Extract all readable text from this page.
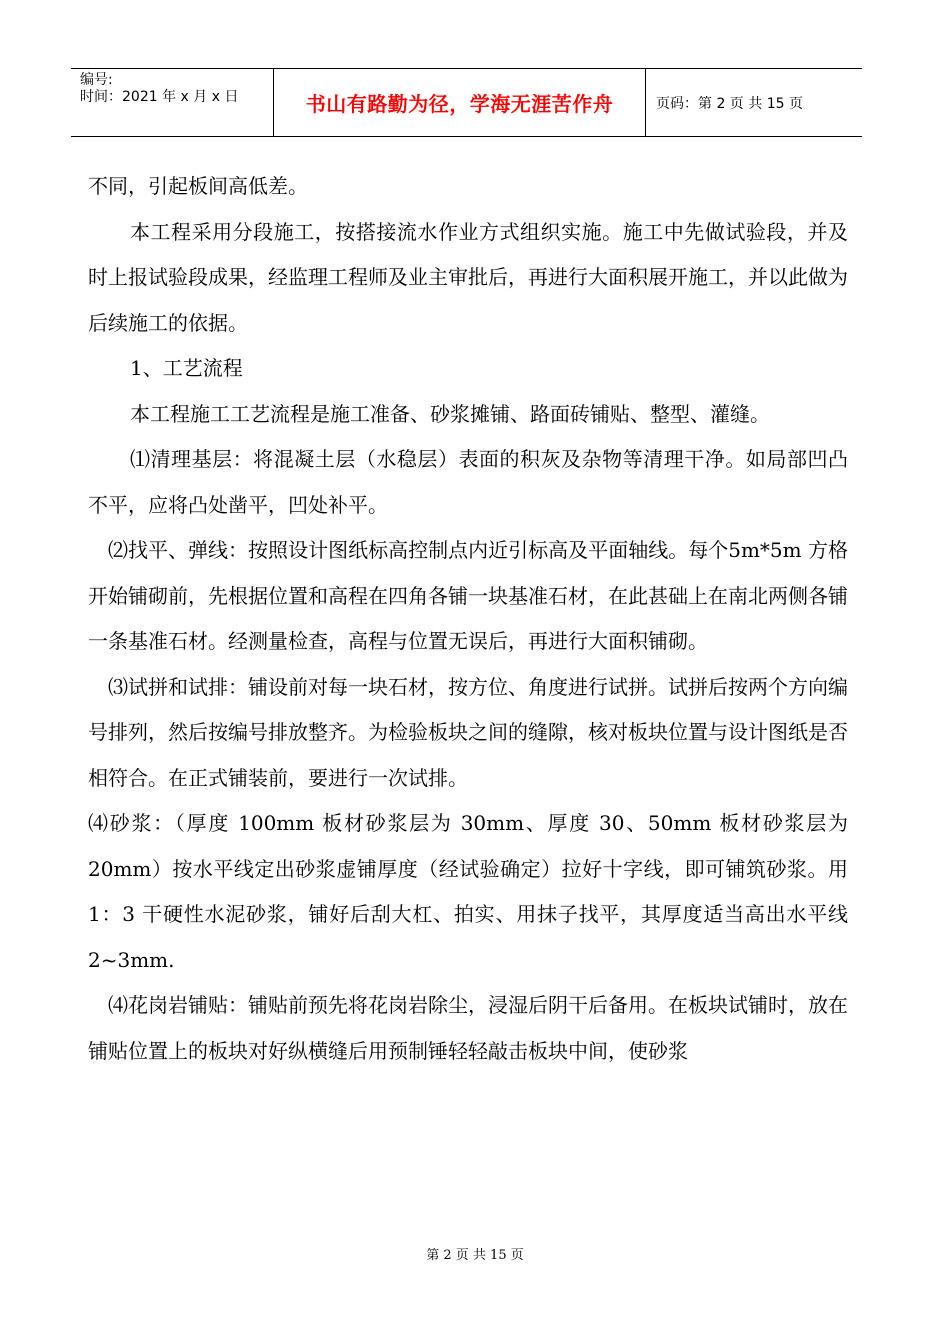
编号:
时间：2021 年 x 月 x 日	书山有路勤为径，学海无涯苦作舟	页码：第 2 页 共 15 页

不同，引起板间高低差。

本工程采用分段施工，按搭接流水作业方式组织实施。施工中先做试验段，并及时上报试验段成果，经监理工程师及业主审批后，再进行大面积展开施工，并以此做为后续施工的依据。

1、工艺流程

本工程施工工艺流程是施工准备、砂浆摊铺、路面砖铺贴、整型、灌缝。

⑴清理基层：将混凝土层（水稳层）表面的积灰及杂物等清理干净。如局部凹凸不平，应将凸处凿平，凹处补平。

⑵找平、弹线：按照设计图纸标高控制点内近引标高及平面轴线。每个5m*5m 方格开始铺砌前，先根据位置和高程在四角各铺一块基准石材，在此甚础上在南北两侧各铺一条基准石材。经测量检查，高程与位置无误后，再进行大面积铺砌。

⑶试拼和试排：铺设前对每一块石材，按方位、角度进行试拼。试拼后按两个方向编号排列，然后按编号排放整齐。为检验板块之间的缝隙，核对板块位置与设计图纸是否相符合。在正式铺装前，要进行一次试排。

⑷砂浆：（厚度 100mm 板材砂浆层为 30mm、厚度 30、50mm 板材砂浆层为 20mm）按水平线定出砂浆虚铺厚度（经试验确定）拉好十字线，即可铺筑砂浆。用 1：3 干硬性水泥砂浆，铺好后刮大杠、拍实、用抹子找平，其厚度适当高出水平线 2~3mm.

⑷花岗岩铺贴：铺贴前预先将花岗岩除尘，浸湿后阴干后备用。在板块试铺时，放在铺贴位置上的板块对好纵横缝后用预制锤轻轻敲击板块中间，使砂浆

第 2 页 共 15 页
